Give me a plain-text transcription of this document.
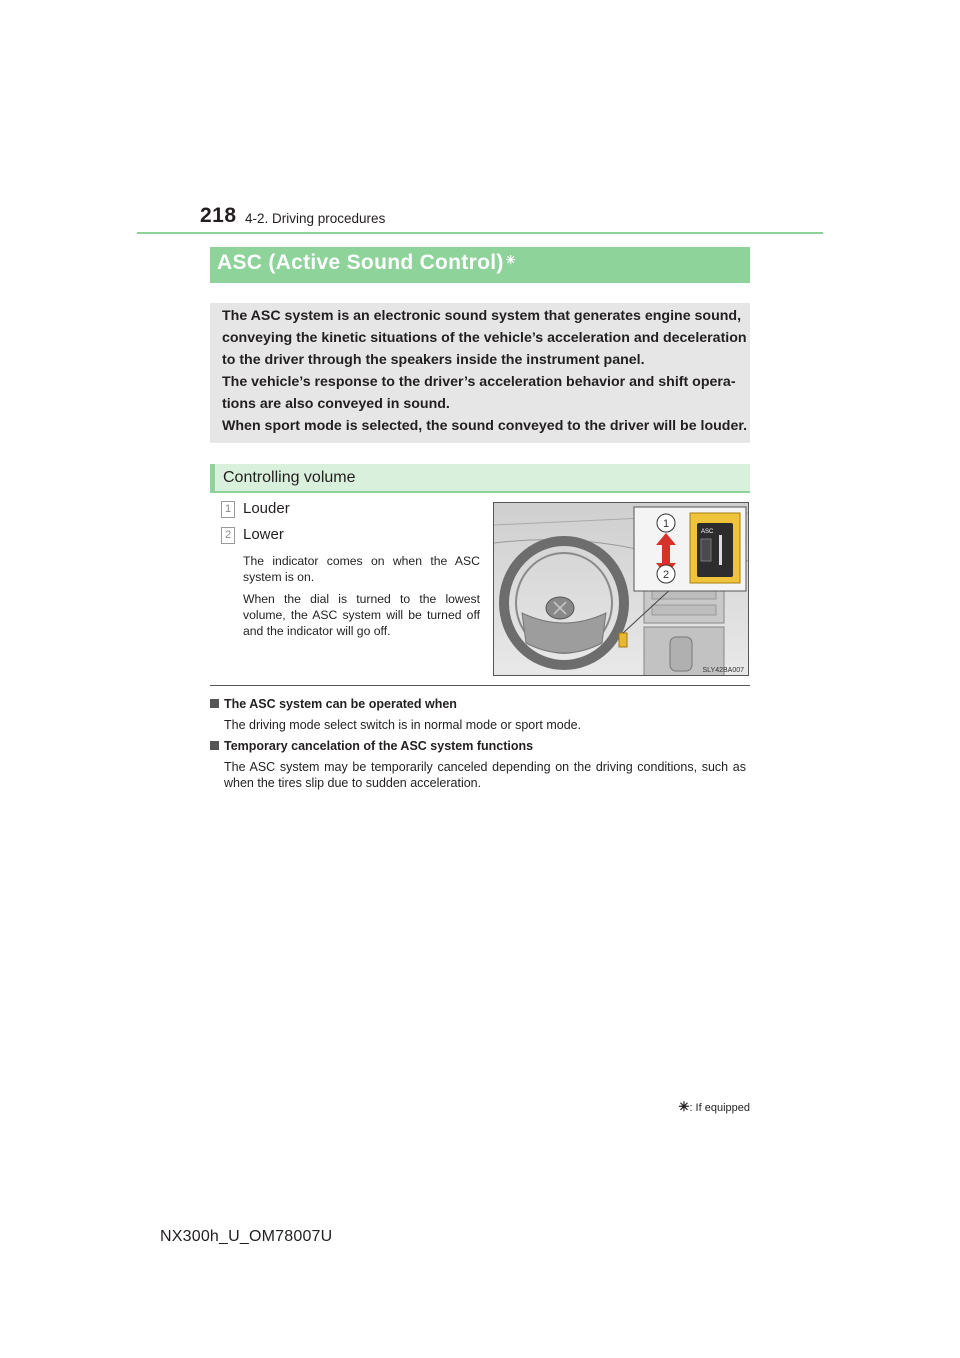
218 4-2. Driving procedures
ASC (Active Sound Control) ✳
The ASC system is an electronic sound system that generates engine sound,
conveying the kinetic situations of the vehicle’s acceleration and deceleration
to the driver through the speakers inside the instrument panel.
The vehicle’s response to the driver’s acceleration behavior and shift opera-
tions are also conveyed in sound.
When sport mode is selected, the sound conveyed to the driver will be louder.
Controlling volume
1 Louder
2 Lower
The indicator comes on when the ASC system is on.
When the dial is turned to the lowest volume, the ASC system will be turned off and the indicator will go off.
ASC
1
2
SLY42BA007
The ASC system can be operated when
The driving mode select switch is in normal mode or sport mode.
Temporary cancelation of the ASC system functions
The ASC system may be temporarily canceled depending on the driving conditions, such as when the tires slip due to sudden acceleration.
✳: If equipped
NX300h_U_OM78007U
